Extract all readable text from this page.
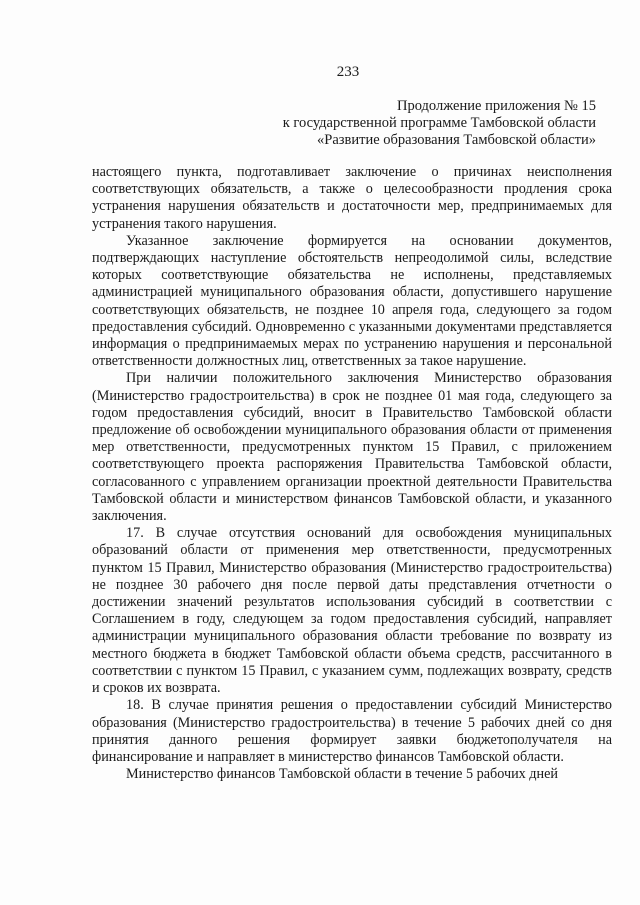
233
Продолжение приложения № 15
к государственной программе Тамбовской области
«Развитие образования Тамбовской области»

настоящего пункта, подготавливает заключение о причинах неисполнения соответствующих обязательств, а также о целесообразности продления срока устранения нарушения обязательств и достаточности мер, предпринимаемых для устранения такого нарушения.

Указанное заключение формируется на основании документов, подтверждающих наступление обстоятельств непреодолимой силы, вследствие которых соответствующие обязательства не исполнены, представляемых администрацией муниципального образования области, допустившего нарушение соответствующих обязательств, не позднее 10 апреля года, следующего за годом предоставления субсидий. Одновременно с указанными документами представляется информация о предпринимаемых мерах по устранению нарушения и персональной ответственности должностных лиц, ответственных за такое нарушение.

При наличии положительного заключения Министерство образования (Министерство градостроительства) в срок не позднее 01 мая года, следующего за годом предоставления субсидий, вносит в Правительство Тамбовской области предложение об освобождении муниципального образования области от применения мер ответственности, предусмотренных пунктом 15 Правил, с приложением соответствующего проекта распоряжения Правительства Тамбовской области, согласованного с управлением организации проектной деятельности Правительства Тамбовской области и министерством финансов Тамбовской области, и указанного заключения.

17. В случае отсутствия оснований для освобождения муниципальных образований области от применения мер ответственности, предусмотренных пунктом 15 Правил, Министерство образования (Министерство градостроительства) не позднее 30 рабочего дня после первой даты представления отчетности о достижении значений результатов использования субсидий в соответствии с Соглашением в году, следующем за годом предоставления субсидий, направляет администрации муниципального образования области требование по возврату из местного бюджета в бюджет Тамбовской области объема средств, рассчитанного в соответствии с пунктом 15 Правил, с указанием сумм, подлежащих возврату, средств и сроков их возврата.

18. В случае принятия решения о предоставлении субсидий Министерство образования (Министерство градостроительства) в течение 5 рабочих дней со дня принятия данного решения формирует заявки бюджетополучателя на финансирование и направляет в министерство финансов Тамбовской области.

Министерство финансов Тамбовской области в течение 5 рабочих дней
